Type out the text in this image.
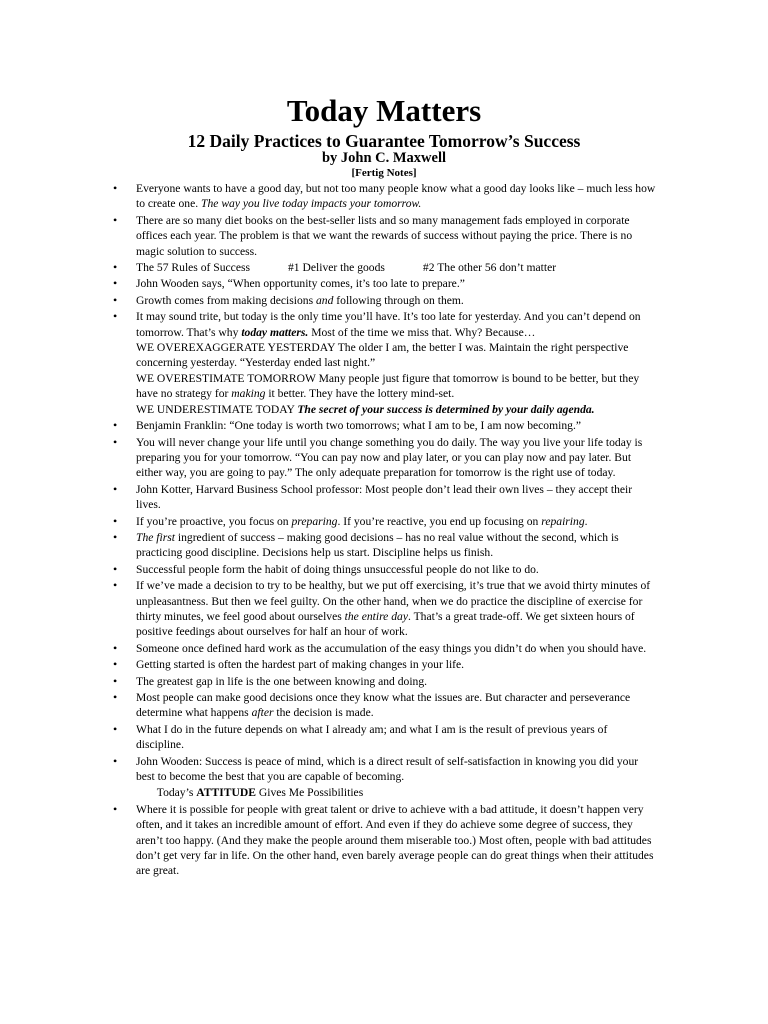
Today Matters
12 Daily Practices to Guarantee Tomorrow’s Success
by John C. Maxwell
[Fertig Notes]
• Everyone wants to have a good day, but not too many people know what a good day looks like – much less how to create one. The way you live today impacts your tomorrow.
• There are so many diet books on the best-seller lists and so many management fads employed in corporate offices each year. The problem is that we want the rewards of success without paying the price. There is no magic solution to success.
• The 57 Rules of Success	#1 Deliver the goods	#2 The other 56 don’t matter
• John Wooden says, “When opportunity comes, it’s too late to prepare.”
• Growth comes from making decisions and following through on them.
• It may sound trite, but today is the only time you’ll have. It’s too late for yesterday. And you can’t depend on tomorrow. That’s why today matters. Most of the time we miss that. Why? Because…
WE OVEREXAGGERATE YESTERDAY The older I am, the better I was. Maintain the right perspective concerning yesterday. “Yesterday ended last night.”
WE OVERESTIMATE TOMORROW Many people just figure that tomorrow is bound to be better, but they have no strategy for making it better. They have the lottery mind-set.
WE UNDERESTIMATE TODAY The secret of your success is determined by your daily agenda.
• Benjamin Franklin: “One today is worth two tomorrows; what I am to be, I am now becoming.”
• You will never change your life until you change something you do daily. The way you live your life today is preparing you for your tomorrow. “You can pay now and play later, or you can play now and pay later. But either way, you are going to pay.” The only adequate preparation for tomorrow is the right use of today.
• John Kotter, Harvard Business School professor: Most people don’t lead their own lives – they accept their lives.
• If you’re proactive, you focus on preparing. If you’re reactive, you end up focusing on repairing.
• The first ingredient of success – making good decisions – has no real value without the second, which is practicing good discipline. Decisions help us start. Discipline helps us finish.
• Successful people form the habit of doing things unsuccessful people do not like to do.
• If we’ve made a decision to try to be healthy, but we put off exercising, it’s true that we avoid thirty minutes of unpleasantness. But then we feel guilty. On the other hand, when we do practice the discipline of exercise for thirty minutes, we feel good about ourselves the entire day. That’s a great trade-off. We get sixteen hours of positive feedings about ourselves for half an hour of work.
• Someone once defined hard work as the accumulation of the easy things you didn’t do when you should have.
• Getting started is often the hardest part of making changes in your life.
• The greatest gap in life is the one between knowing and doing.
• Most people can make good decisions once they know what the issues are. But character and perseverance determine what happens after the decision is made.
• What I do in the future depends on what I already am; and what I am is the result of previous years of discipline.
• John Wooden: Success is peace of mind, which is a direct result of self-satisfaction in knowing you did your best to become the best that you are capable of becoming.
Today’s ATTITUDE Gives Me Possibilities
• Where it is possible for people with great talent or drive to achieve with a bad attitude, it doesn’t happen very often, and it takes an incredible amount of effort. And even if they do achieve some degree of success, they aren’t too happy. (And they make the people around them miserable too.) Most often, people with bad attitudes don’t get very far in life. On the other hand, even barely average people can do great things when their attitudes are great.
